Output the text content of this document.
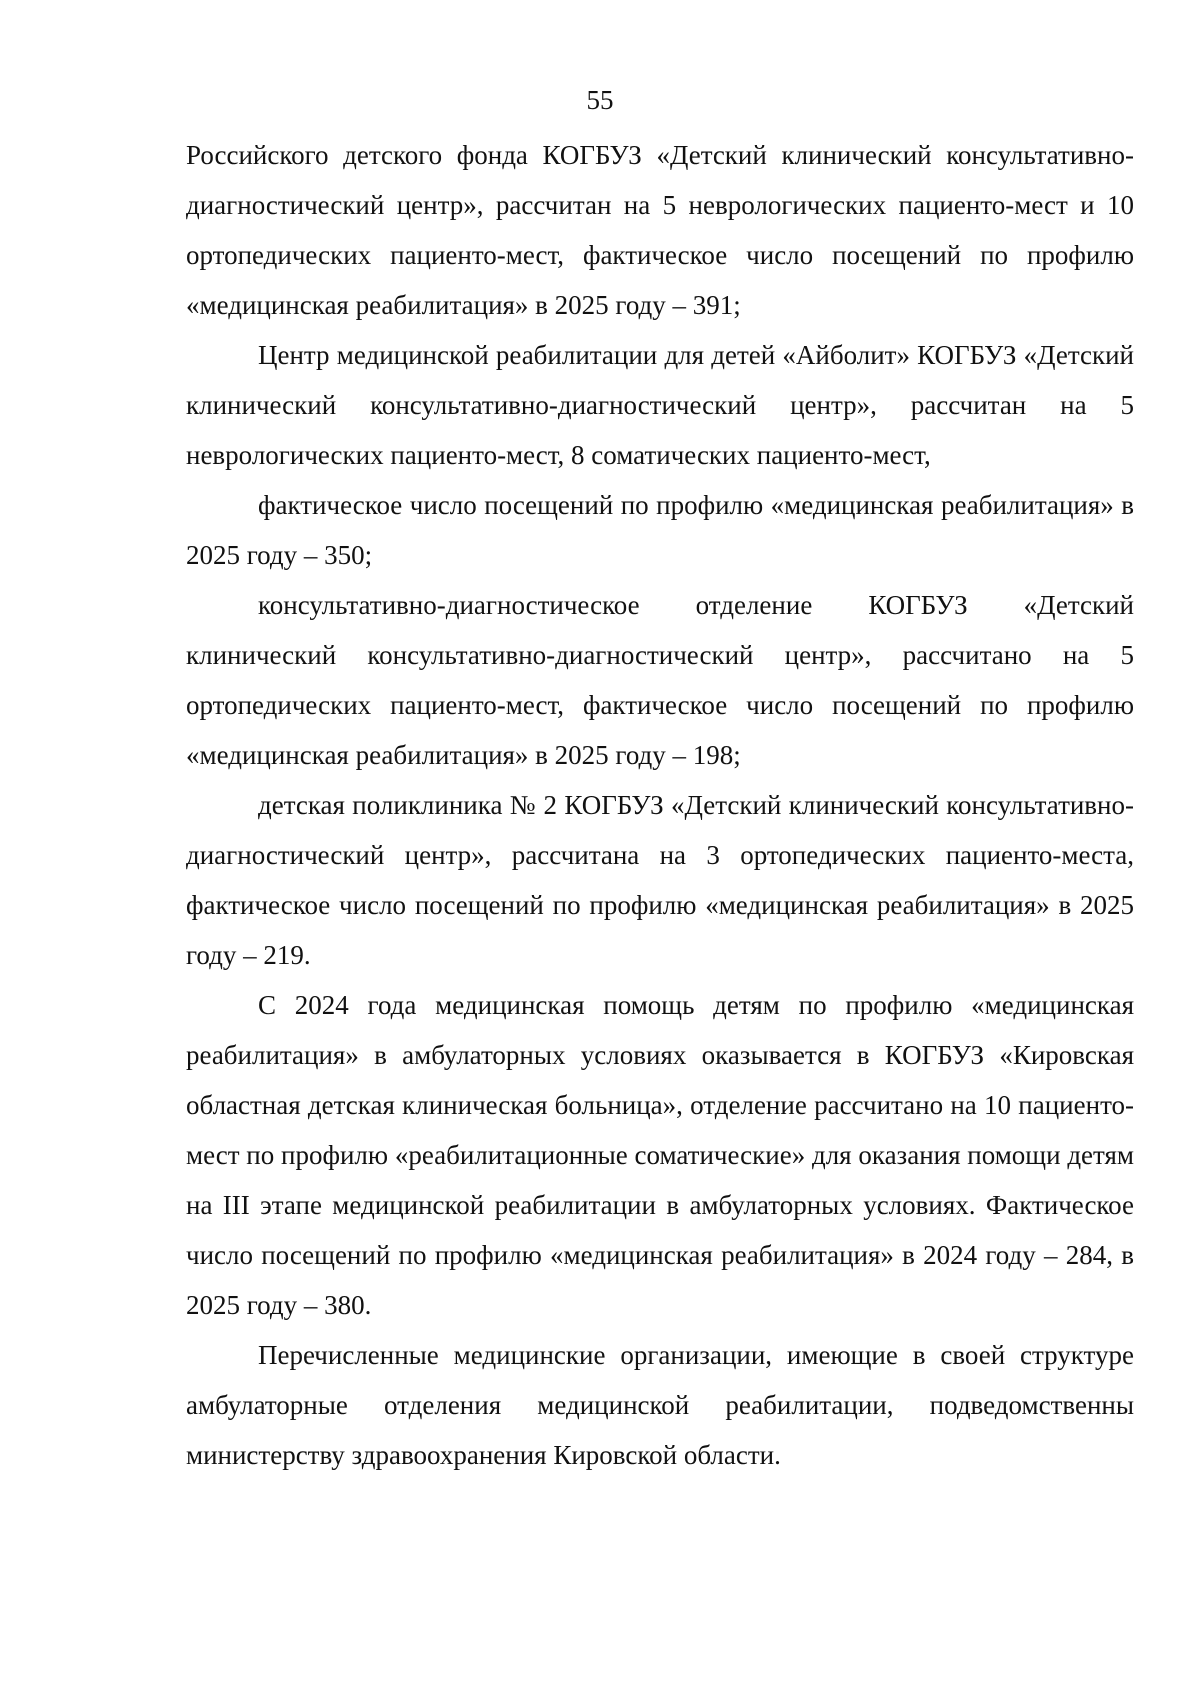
55

Российского детского фонда КОГБУЗ «Детский клинический консультативно-диагностический центр», рассчитан на 5 неврологических пациенто-мест и 10 ортопедических пациенто-мест, фактическое число посещений по профилю «медицинская реабилитация» в 2025 году – 391;

Центр медицинской реабилитации для детей «Айболит» КОГБУЗ «Детский клинический консультативно-диагностический центр», рассчитан на 5 неврологических пациенто-мест, 8 соматических пациенто-мест,

фактическое число посещений по профилю «медицинская реабилитация» в 2025 году – 350;

консультативно-диагностическое отделение КОГБУЗ «Детский клинический консультативно-диагностический центр», рассчитано на 5 ортопедических пациенто-мест, фактическое число посещений по профилю «медицинская реабилитация» в 2025 году – 198;

детская поликлиника № 2 КОГБУЗ «Детский клинический консультативно-диагностический центр», рассчитана на 3 ортопедических пациенто-места, фактическое число посещений по профилю «медицинская реабилитация» в 2025 году – 219.

С 2024 года медицинская помощь детям по профилю «медицинская реабилитация» в амбулаторных условиях оказывается в КОГБУЗ «Кировская областная детская клиническая больница», отделение рассчитано на 10 пациенто-мест по профилю «реабилитационные соматические» для оказания помощи детям на III этапе медицинской реабилитации в амбулаторных условиях. Фактическое число посещений по профилю «медицинская реабилитация» в 2024 году – 284, в 2025 году – 380.

Перечисленные медицинские организации, имеющие в своей структуре амбулаторные отделения медицинской реабилитации, подведомственны министерству здравоохранения Кировской области.
